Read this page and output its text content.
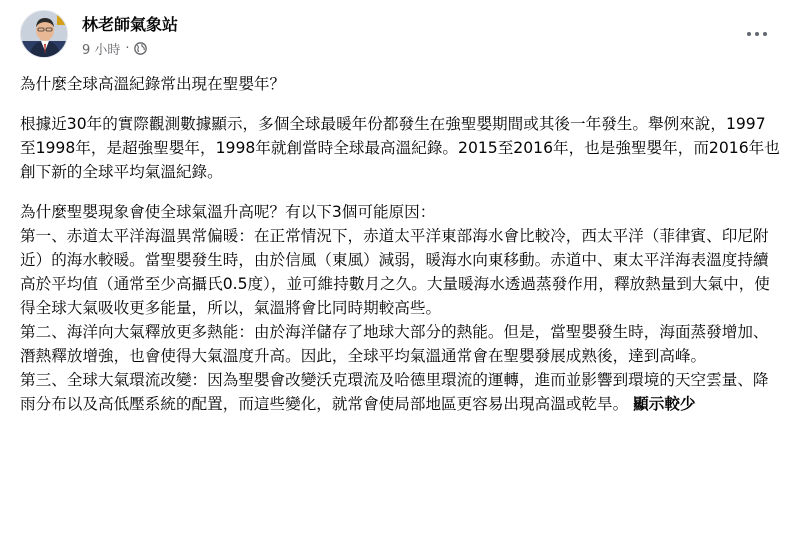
林老師氣象站
9 小時 ·

為什麼全球高溫紀錄常出現在聖嬰年？

根據近30年的實際觀測數據顯示，多個全球最暖年份都發生在強聖嬰期間或其後一年發生。舉例來說，1997至1998年，是超強聖嬰年，1998年就創當時全球最高溫紀錄。2015至2016年，也是強聖嬰年，而2016年也創下新的全球平均氣溫紀錄。

為什麼聖嬰現象會使全球氣溫升高呢？有以下3個可能原因：

第一、赤道太平洋海溫異常偏暖：在正常情況下，赤道太平洋東部海水會比較冷，西太平洋（菲律賓、印尼附近）的海水較暖。當聖嬰發生時，由於信風（東風）減弱，暖海水向東移動。赤道中、東太平洋海表溫度持續高於平均值（通常至少高攝氏0.5度），並可維持數月之久。大量暖海水透過蒸發作用，釋放熱量到大氣中，使得全球大氣吸收更多能量，所以，氣溫將會比同時期較高些。

第二、海洋向大氣釋放更多熱能：由於海洋儲存了地球大部分的熱能。但是，當聖嬰發生時，海面蒸發增加、潛熱釋放增強，也會使得大氣溫度升高。因此，全球平均氣溫通常會在聖嬰發展成熟後，達到高峰。

第三、全球大氣環流改變：因為聖嬰會改變沃克環流及哈德里環流的運轉，進而並影響到環境的天空雲量、降雨分布以及高低壓系統的配置，而這些變化，就常會使局部地區更容易出現高溫或乾旱。 顯示較少
